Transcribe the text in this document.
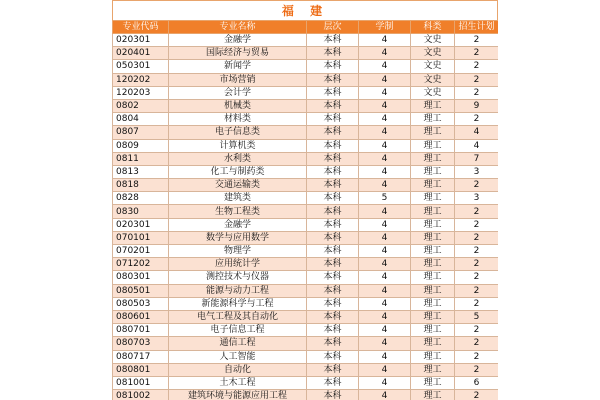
福 建
专业代码	专业名称	层次	学制	科类	招生计划
020301	金融学	本科	4	文史	2
020401	国际经济与贸易	本科	4	文史	2
050301	新闻学	本科	4	文史	2
120202	市场营销	本科	4	文史	2
120203	会计学	本科	4	文史	2
0802	机械类	本科	4	理工	9
0804	材料类	本科	4	理工	2
0807	电子信息类	本科	4	理工	4
0809	计算机类	本科	4	理工	4
0811	水利类	本科	4	理工	7
0813	化工与制药类	本科	4	理工	3
0818	交通运输类	本科	4	理工	2
0828	建筑类	本科	5	理工	3
0830	生物工程类	本科	4	理工	2
020301	金融学	本科	4	理工	2
070101	数学与应用数学	本科	4	理工	2
070201	物理学	本科	4	理工	2
071202	应用统计学	本科	4	理工	2
080301	测控技术与仪器	本科	4	理工	2
080501	能源与动力工程	本科	4	理工	2
080503	新能源科学与工程	本科	4	理工	2
080601	电气工程及其自动化	本科	4	理工	5
080701	电子信息工程	本科	4	理工	2
080703	通信工程	本科	4	理工	2
080717	人工智能	本科	4	理工	2
080801	自动化	本科	4	理工	2
081001	土木工程	本科	4	理工	6
081002	建筑环境与能源应用工程	本科	4	理工	2
